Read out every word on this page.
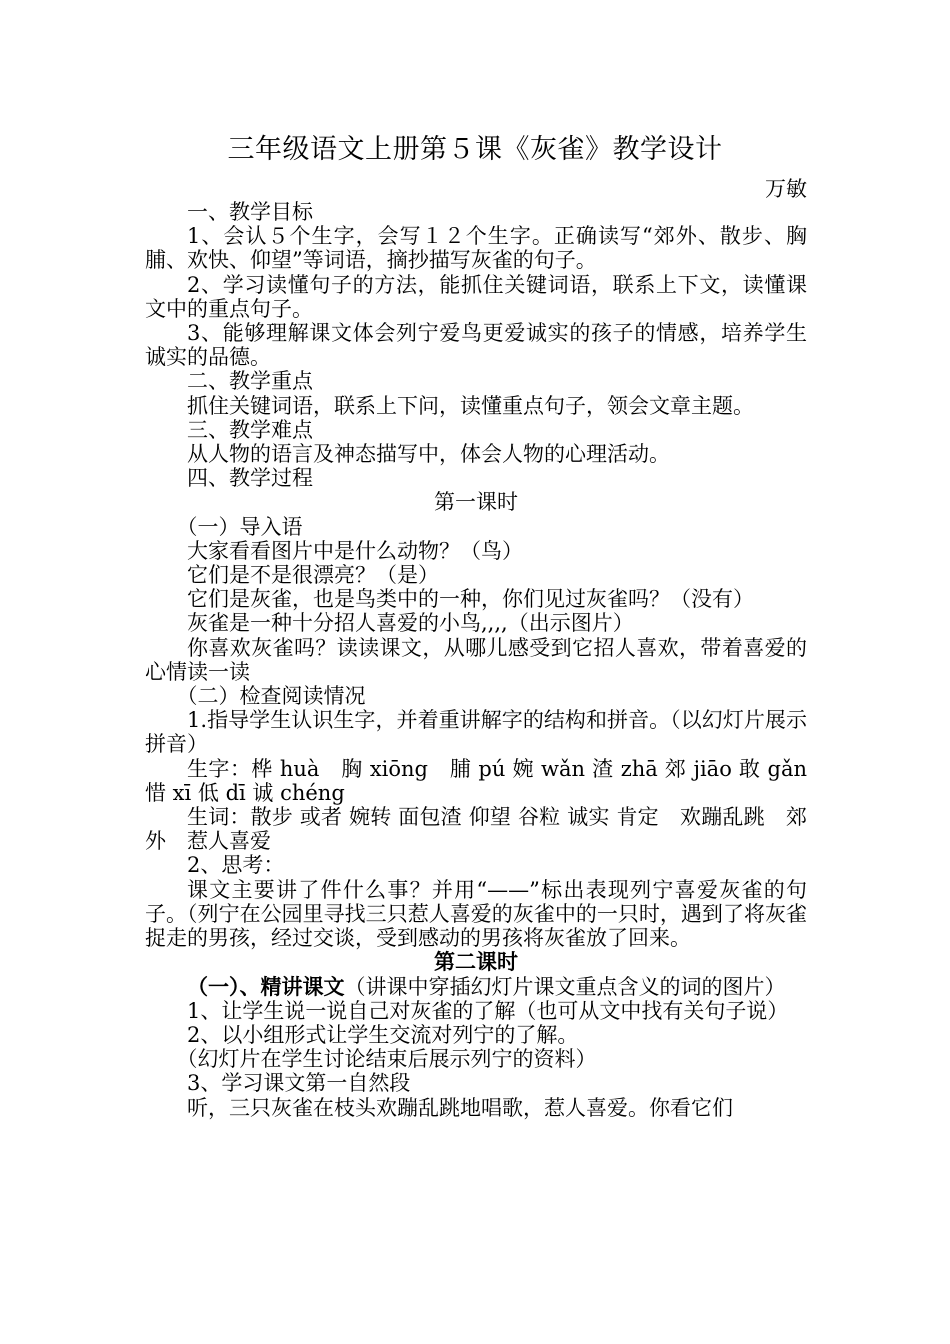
三年级语文上册第５课《灰雀》教学设计
万敏

一、教学目标

1、会认５个生字，会写１２个生字。正确读写“郊外、散步、胸脯、欢快、仰望”等词语，摘抄描写灰雀的句子。

2、学习读懂句子的方法，能抓住关键词语，联系上下文，读懂课文中的重点句子。

3、能够理解课文体会列宁爱鸟更爱诚实的孩子的情感，培养学生诚实的品德。

二、教学重点

抓住关键词语，联系上下问，读懂重点句子，领会文章主题。

三、教学难点

从人物的语言及神态描写中，体会人物的心理活动。

四、教学过程

第一课时

（一）导入语

大家看看图片中是什么动物？（鸟）

它们是不是很漂亮？（是）

它们是灰雀，也是鸟类中的一种，你们见过灰雀吗？（没有）

灰雀是一种十分招人喜爱的小鸟,,,,（出示图片）

你喜欢灰雀吗？读读课文，从哪儿感受到它招人喜欢，带着喜爱的心情读一读

（二）检查阅读情况

1.指导学生认识生字，并着重讲解字的结构和拼音。（以幻灯片展示拼音）

生字：桦 huà　胸 xiōng　脯 pú 婉 wǎn 渣 zhā 郊 jiāo 敢 gǎn　惜 xī 低 dī 诚 chéng

生词：散步 或者 婉转 面包渣 仰望 谷粒 诚实 肯定　欢蹦乱跳　郊外　惹人喜爱

2、思考：

课文主要讲了件什么事？并用“——”标出表现列宁喜爱灰雀的句子。（列宁在公园里寻找三只惹人喜爱的灰雀中的一只时，遇到了将灰雀捉走的男孩，经过交谈，受到感动的男孩将灰雀放了回来。

第二课时

（一）、精讲课文（讲课中穿插幻灯片课文重点含义的词的图片）

1、让学生说一说自己对灰雀的了解（也可从文中找有关句子说）

2、以小组形式让学生交流对列宁的了解。

（幻灯片在学生讨论结束后展示列宁的资料）

3、学习课文第一自然段

听，三只灰雀在枝头欢蹦乱跳地唱歌，惹人喜爱。你看它们
